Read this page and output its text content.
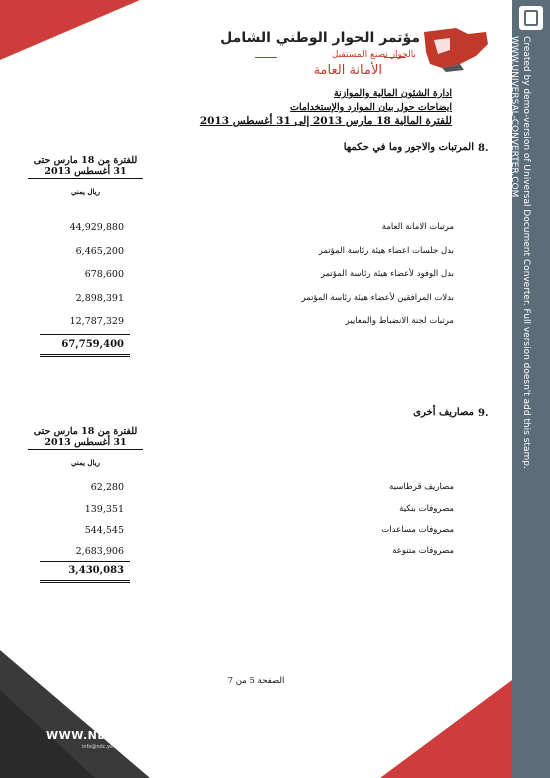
مؤتمر الحوار الوطني الشامل
بالحوار نصنع المستقبل
الأمانة العامة
ادارة الشئون المالية والموازنة
ايضاحات حول بيان الموارد والإستخدامات
للفترة المالية 18 مارس 2013 إلى 31 أغسطس 2013
8.
المرتبات والاجور وما في حكمها
للفترة من 18 مارس حتى
31 أغسطس 2013
ريال يمني
مرتبات الامانة العامة
44,929,880
بدل جلسات اعضاء هيئة رئاسة المؤتمر
6,465,200
بدل الوفود لأعضاء هيئة رئاسة المؤتمر
678,600
بدلات المرافقين لأعضاء هيئة رئاسة المؤتمر
2,898,391
مرتبات لجنة الانضباط والمعايير
12,787,329
67,759,400
9.
مصاريف أخرى
للفترة من 18 مارس حتى
31 أغسطس 2013
ريال يمني
مصاريف قرطاسية
62,280
مصروفات بنكية
139,351
مصروفات مساعدات
544,545
مصروفات متنوعة
2,683,906
3,430,083
الصفحة 5 من 7
WWW.NDC.YE
info@ndc.ye
Created by demo-version of Universal Document Converter. Full version doesn't add this stamp.
WWW.UNIVERSAL-CONVERTER.COM
